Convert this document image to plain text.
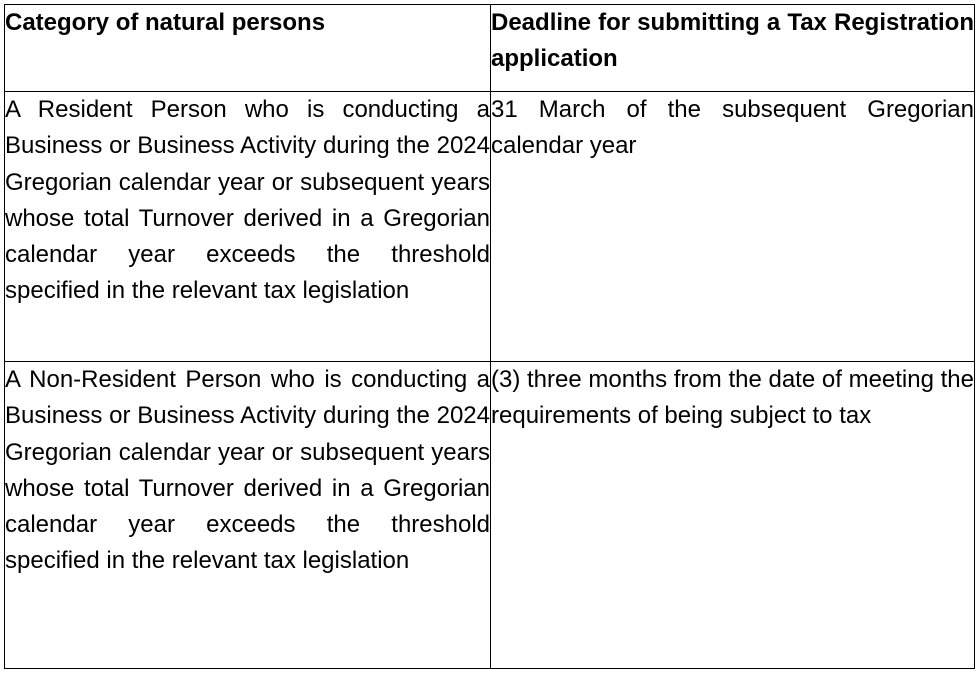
Category of natural persons	Deadline for submitting a Tax Registration application
A Resident Person who is conducting a Business or Business Activity during the 2024 Gregorian calendar year or subsequent years whose total Turnover derived in a Gregorian calendar year exceeds the threshold specified in the relevant tax legislation	31 March of the subsequent Gregorian calendar year
A Non-Resident Person who is conducting a Business or Business Activity during the 2024 Gregorian calendar year or subsequent years whose total Turnover derived in a Gregorian calendar year exceeds the threshold specified in the relevant tax legislation	(3) three months from the date of meeting the requirements of being subject to tax
